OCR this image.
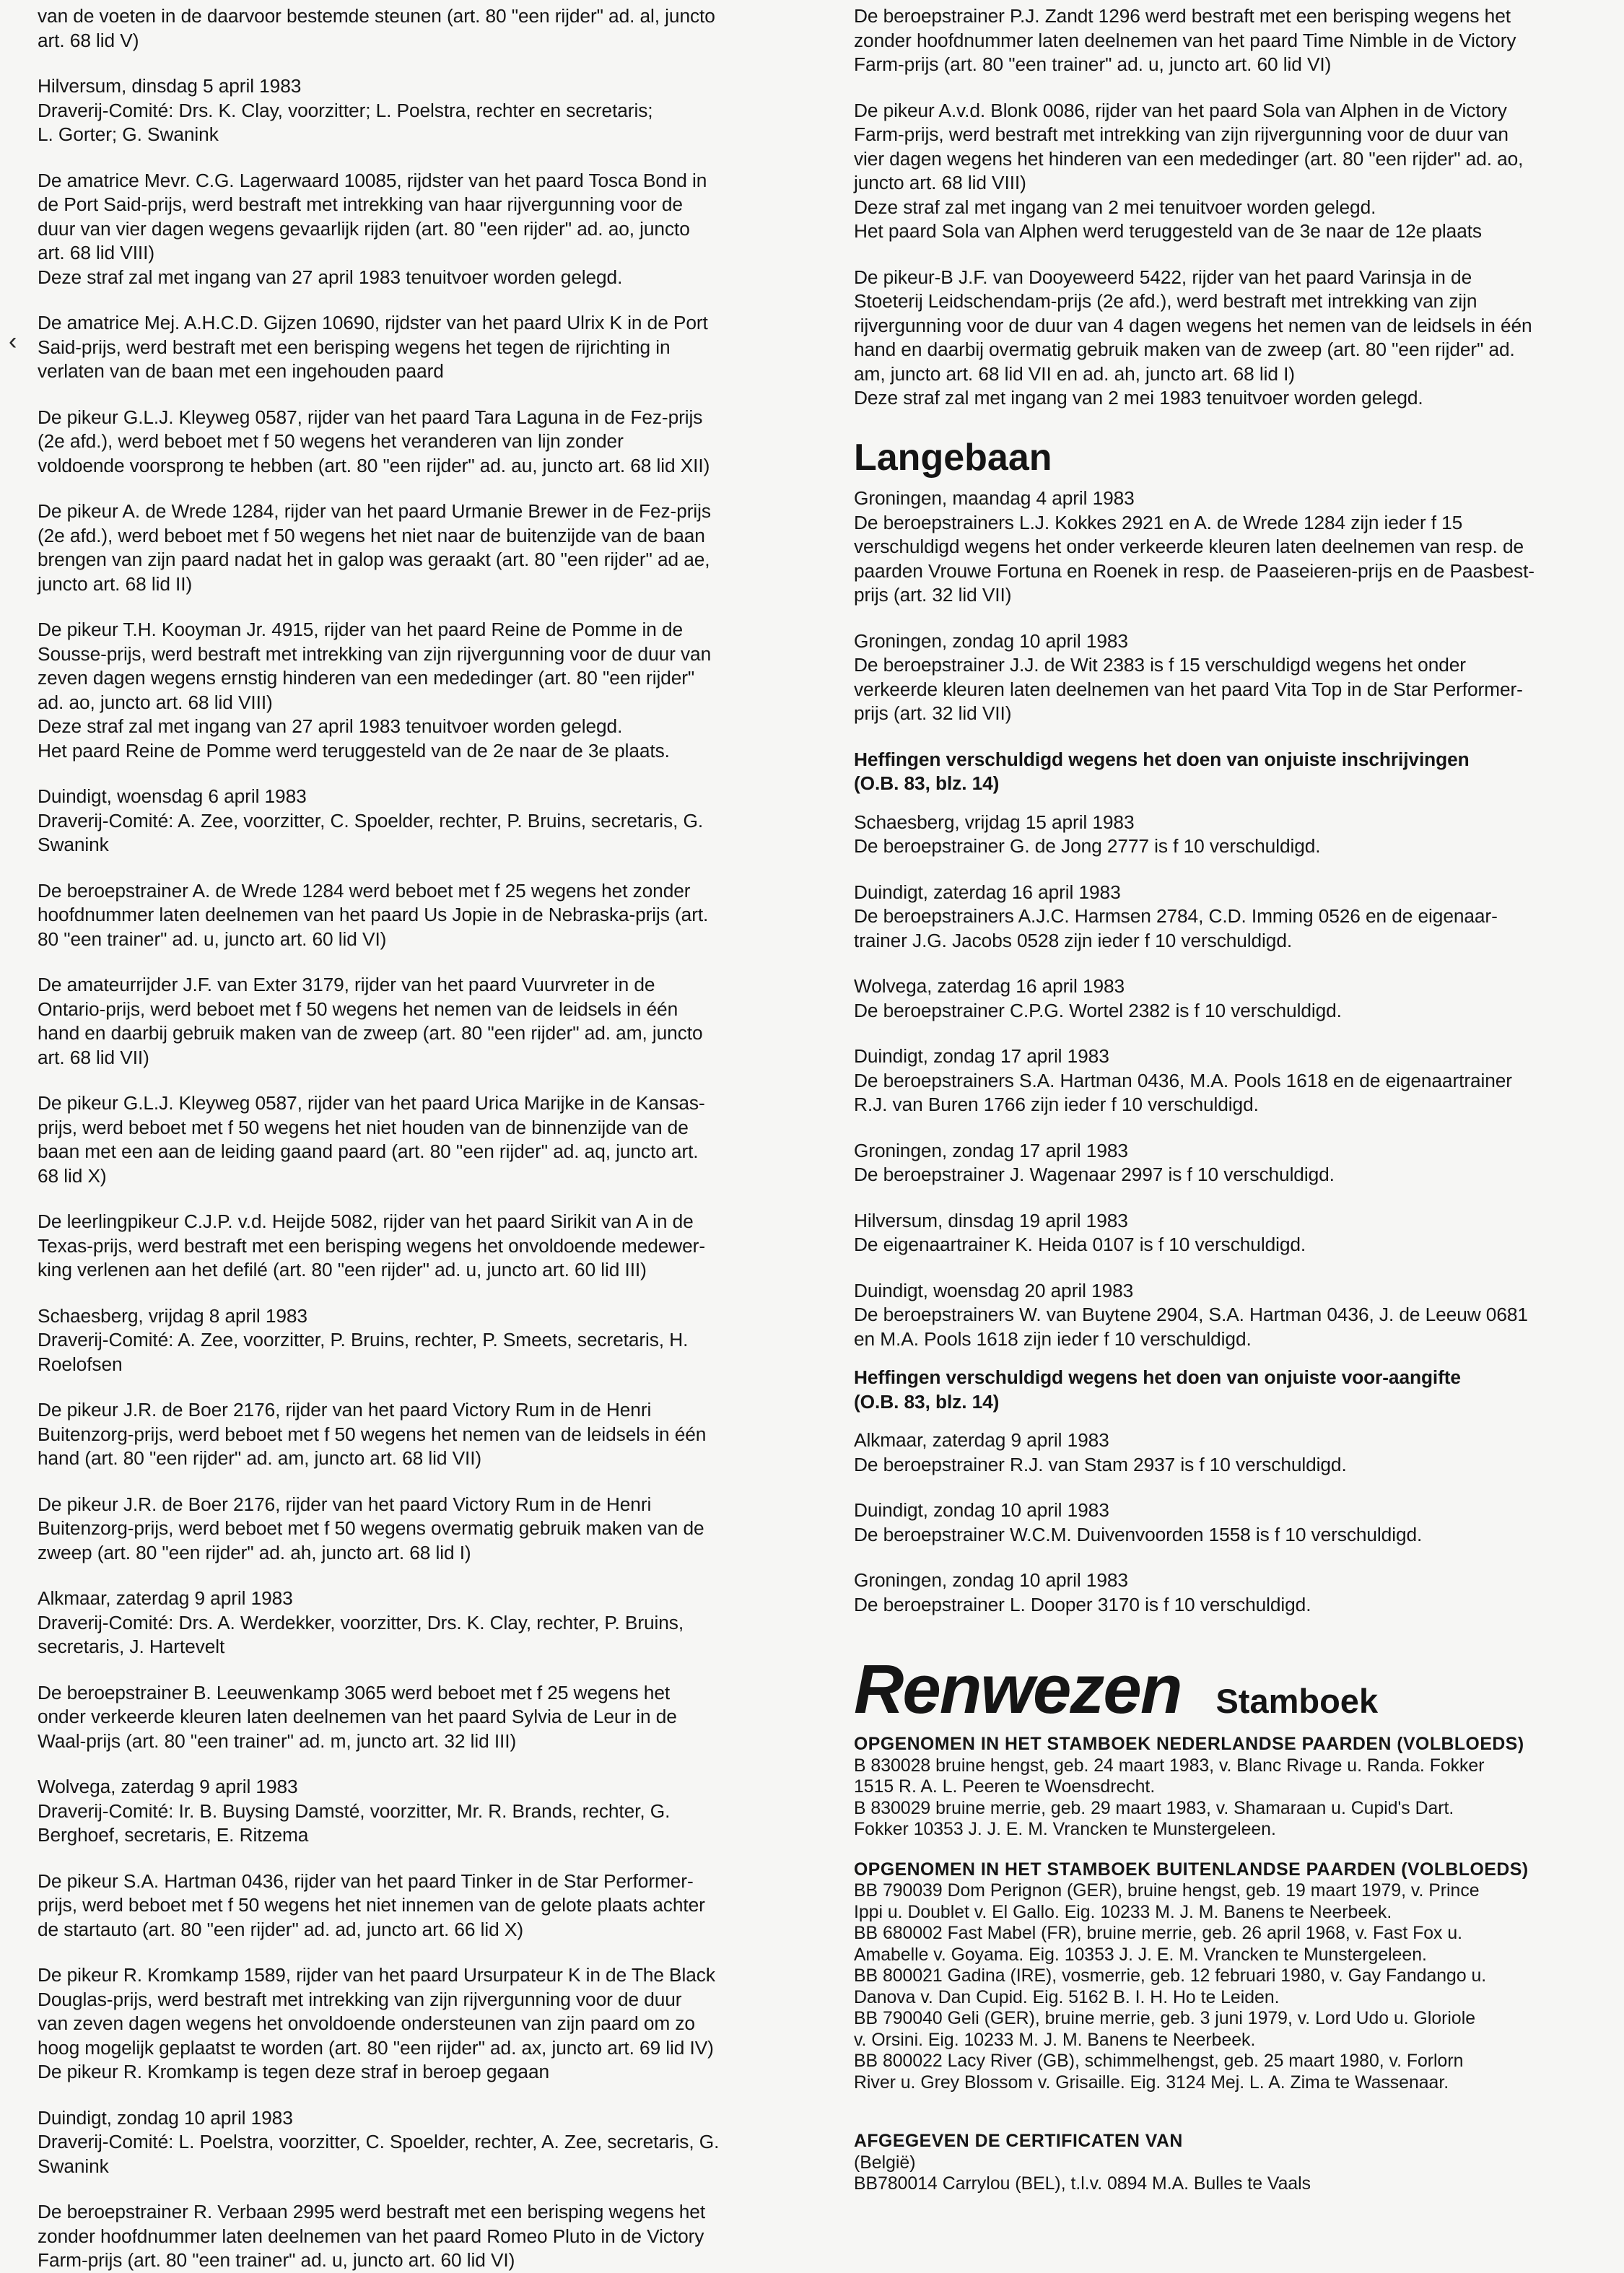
van de voeten in de daarvoor bestemde steunen (art. 80 "een rijder" ad. al, juncto
art. 68 lid V)
Hilversum, dinsdag 5 april 1983
Draverij-Comité: Drs. K. Clay, voorzitter; L. Poelstra, rechter en secretaris;
L. Gorter; G. Swanink
De amatrice Mevr. C.G. Lagerwaard 10085, rijdster van het paard Tosca Bond in
de Port Said-prijs, werd bestraft met intrekking van haar rijvergunning voor de
duur van vier dagen wegens gevaarlijk rijden (art. 80 "een rijder" ad. ao, juncto
art. 68 lid VIII)
Deze straf zal met ingang van 27 april 1983 tenuitvoer worden gelegd.
De amatrice Mej. A.H.C.D. Gijzen 10690, rijdster van het paard Ulrix K in de Port
Said-prijs, werd bestraft met een berisping wegens het tegen de rijrichting in
verlaten van de baan met een ingehouden paard
De pikeur G.L.J. Kleyweg 0587, rijder van het paard Tara Laguna in de Fez-prijs
(2e afd.), werd beboet met f 50 wegens het veranderen van lijn zonder
voldoende voorsprong te hebben (art. 80 "een rijder" ad. au, juncto art. 68 lid XII)
De pikeur A. de Wrede 1284, rijder van het paard Urmanie Brewer in de Fez-prijs
(2e afd.), werd beboet met f 50 wegens het niet naar de buitenzijde van de baan
brengen van zijn paard nadat het in galop was geraakt (art. 80 "een rijder" ad ae,
juncto art. 68 lid II)
De pikeur T.H. Kooyman Jr. 4915, rijder van het paard Reine de Pomme in de
Sousse-prijs, werd bestraft met intrekking van zijn rijvergunning voor de duur van
zeven dagen wegens ernstig hinderen van een mededinger (art. 80 "een rijder"
ad. ao, juncto art. 68 lid VIII)
Deze straf zal met ingang van 27 april 1983 tenuitvoer worden gelegd.
Het paard Reine de Pomme werd teruggesteld van de 2e naar de 3e plaats.
Duindigt, woensdag 6 april 1983
Draverij-Comité: A. Zee, voorzitter, C. Spoelder, rechter, P. Bruins, secretaris, G.
Swanink
De beroepstrainer A. de Wrede 1284 werd beboet met f 25 wegens het zonder
hoofdnummer laten deelnemen van het paard Us Jopie in de Nebraska-prijs (art.
80 "een trainer" ad. u, juncto art. 60 lid VI)
De amateurrijder J.F. van Exter 3179, rijder van het paard Vuurvreter in de
Ontario-prijs, werd beboet met f 50 wegens het nemen van de leidsels in één
hand en daarbij gebruik maken van de zweep (art. 80 "een rijder" ad. am, juncto
art. 68 lid VII)
De pikeur G.L.J. Kleyweg 0587, rijder van het paard Urica Marijke in de Kansas-
prijs, werd beboet met f 50 wegens het niet houden van de binnenzijde van de
baan met een aan de leiding gaand paard (art. 80 "een rijder" ad. aq, juncto art.
68 lid X)
De leerlingpikeur C.J.P. v.d. Heijde 5082, rijder van het paard Sirikit van A in de
Texas-prijs, werd bestraft met een berisping wegens het onvoldoende medewer-
king verlenen aan het defilé (art. 80 "een rijder" ad. u, juncto art. 60 lid III)
Schaesberg, vrijdag 8 april 1983
Draverij-Comité: A. Zee, voorzitter, P. Bruins, rechter, P. Smeets, secretaris, H.
Roelofsen
De pikeur J.R. de Boer 2176, rijder van het paard Victory Rum in de Henri
Buitenzorg-prijs, werd beboet met f 50 wegens het nemen van de leidsels in één
hand (art. 80 "een rijder" ad. am, juncto art. 68 lid VII)
De pikeur J.R. de Boer 2176, rijder van het paard Victory Rum in de Henri
Buitenzorg-prijs, werd beboet met f 50 wegens overmatig gebruik maken van de
zweep (art. 80 "een rijder" ad. ah, juncto art. 68 lid I)
Alkmaar, zaterdag 9 april 1983
Draverij-Comité: Drs. A. Werdekker, voorzitter, Drs. K. Clay, rechter, P. Bruins,
secretaris, J. Hartevelt
De beroepstrainer B. Leeuwenkamp 3065 werd beboet met f 25 wegens het
onder verkeerde kleuren laten deelnemen van het paard Sylvia de Leur in de
Waal-prijs (art. 80 "een trainer" ad. m, juncto art. 32 lid III)
Wolvega, zaterdag 9 april 1983
Draverij-Comité: Ir. B. Buysing Damsté, voorzitter, Mr. R. Brands, rechter, G.
Berghoef, secretaris, E. Ritzema
De pikeur S.A. Hartman 0436, rijder van het paard Tinker in de Star Performer-
prijs, werd beboet met f 50 wegens het niet innemen van de gelote plaats achter
de startauto (art. 80 "een rijder" ad. ad, juncto art. 66 lid X)
De pikeur R. Kromkamp 1589, rijder van het paard Ursurpateur K in de The Black
Douglas-prijs, werd bestraft met intrekking van zijn rijvergunning voor de duur
van zeven dagen wegens het onvoldoende ondersteunen van zijn paard om zo
hoog mogelijk geplaatst te worden (art. 80 "een rijder" ad. ax, juncto art. 69 lid IV)
De pikeur R. Kromkamp is tegen deze straf in beroep gegaan
Duindigt, zondag 10 april 1983
Draverij-Comité: L. Poelstra, voorzitter, C. Spoelder, rechter, A. Zee, secretaris, G.
Swanink
De beroepstrainer R. Verbaan 2995 werd bestraft met een berisping wegens het
zonder hoofdnummer laten deelnemen van het paard Romeo Pluto in de Victory
Farm-prijs (art. 80 "een trainer" ad. u, juncto art. 60 lid VI)
De beroepstrainer P.J. Zandt 1296 werd bestraft met een berisping wegens het
zonder hoofdnummer laten deelnemen van het paard Time Nimble in de Victory
Farm-prijs (art. 80 "een trainer" ad. u, juncto art. 60 lid VI)
De pikeur A.v.d. Blonk 0086, rijder van het paard Sola van Alphen in de Victory
Farm-prijs, werd bestraft met intrekking van zijn rijvergunning voor de duur van
vier dagen wegens het hinderen van een mededinger (art. 80 "een rijder" ad. ao,
juncto art. 68 lid VIII)
Deze straf zal met ingang van 2 mei tenuitvoer worden gelegd.
Het paard Sola van Alphen werd teruggesteld van de 3e naar de 12e plaats
De pikeur-B J.F. van Dooyeweerd 5422, rijder van het paard Varinsja in de
Stoeterij Leidschendam-prijs (2e afd.), werd bestraft met intrekking van zijn
rijvergunning voor de duur van 4 dagen wegens het nemen van de leidsels in één
hand en daarbij overmatig gebruik maken van de zweep (art. 80 "een rijder" ad.
am, juncto art. 68 lid VII en ad. ah, juncto art. 68 lid I)
Deze straf zal met ingang van 2 mei 1983 tenuitvoer worden gelegd.
Langebaan
Groningen, maandag 4 april 1983
De beroepstrainers L.J. Kokkes 2921 en A. de Wrede 1284 zijn ieder f 15
verschuldigd wegens het onder verkeerde kleuren laten deelnemen van resp. de
paarden Vrouwe Fortuna en Roenek in resp. de Paaseieren-prijs en de Paasbest-
prijs (art. 32 lid VII)
Groningen, zondag 10 april 1983
De beroepstrainer J.J. de Wit 2383 is f 15 verschuldigd wegens het onder
verkeerde kleuren laten deelnemen van het paard Vita Top in de Star Performer-
prijs (art. 32 lid VII)
Heffingen verschuldigd wegens het doen van onjuiste inschrijvingen
(O.B. 83, blz. 14)
Schaesberg, vrijdag 15 april 1983
De beroepstrainer G. de Jong 2777 is f 10 verschuldigd.
Duindigt, zaterdag 16 april 1983
De beroepstrainers A.J.C. Harmsen 2784, C.D. Imming 0526 en de eigenaar-
trainer J.G. Jacobs 0528 zijn ieder f 10 verschuldigd.
Wolvega, zaterdag 16 april 1983
De beroepstrainer C.P.G. Wortel 2382 is f 10 verschuldigd.
Duindigt, zondag 17 april 1983
De beroepstrainers S.A. Hartman 0436, M.A. Pools 1618 en de eigenaartrainer
R.J. van Buren 1766 zijn ieder f 10 verschuldigd.
Groningen, zondag 17 april 1983
De beroepstrainer J. Wagenaar 2997 is f 10 verschuldigd.
Hilversum, dinsdag 19 april 1983
De eigenaartrainer K. Heida 0107 is f 10 verschuldigd.
Duindigt, woensdag 20 april 1983
De beroepstrainers W. van Buytene 2904, S.A. Hartman 0436, J. de Leeuw 0681
en M.A. Pools 1618 zijn ieder f 10 verschuldigd.
Heffingen verschuldigd wegens het doen van onjuiste voor-aangifte
(O.B. 83, blz. 14)
Alkmaar, zaterdag 9 april 1983
De beroepstrainer R.J. van Stam 2937 is f 10 verschuldigd.
Duindigt, zondag 10 april 1983
De beroepstrainer W.C.M. Duivenvoorden 1558 is f 10 verschuldigd.
Groningen, zondag 10 april 1983
De beroepstrainer L. Dooper 3170 is f 10 verschuldigd.
Renwezen Stamboek
OPGENOMEN IN HET STAMBOEK NEDERLANDSE PAARDEN (VOLBLOEDS)
B 830028 bruine hengst, geb. 24 maart 1983, v. Blanc Rivage u. Randa. Fokker
1515 R. A. L. Peeren te Woensdrecht.
B 830029 bruine merrie, geb. 29 maart 1983, v. Shamaraan u. Cupid's Dart.
Fokker 10353 J. J. E. M. Vrancken te Munstergeleen.
OPGENOMEN IN HET STAMBOEK BUITENLANDSE PAARDEN (VOLBLOEDS)
BB 790039 Dom Perignon (GER), bruine hengst, geb. 19 maart 1979, v. Prince
Ippi u. Doublet v. El Gallo. Eig. 10233 M. J. M. Banens te Neerbeek.
BB 680002 Fast Mabel (FR), bruine merrie, geb. 26 april 1968, v. Fast Fox u.
Amabelle v. Goyama. Eig. 10353 J. J. E. M. Vrancken te Munstergeleen.
BB 800021 Gadina (IRE), vosmerrie, geb. 12 februari 1980, v. Gay Fandango u.
Danova v. Dan Cupid. Eig. 5162 B. I. H. Ho te Leiden.
BB 790040 Geli (GER), bruine merrie, geb. 3 juni 1979, v. Lord Udo u. Gloriole
v. Orsini. Eig. 10233 M. J. M. Banens te Neerbeek.
BB 800022 Lacy River (GB), schimmelhengst, geb. 25 maart 1980, v. Forlorn
River u. Grey Blossom v. Grisaille. Eig. 3124 Mej. L. A. Zima te Wassenaar.
AFGEGEVEN DE CERTIFICATEN VAN
(België)
BB780014 Carrylou (BEL), t.l.v. 0894 M.A. Bulles te Vaals
‹
